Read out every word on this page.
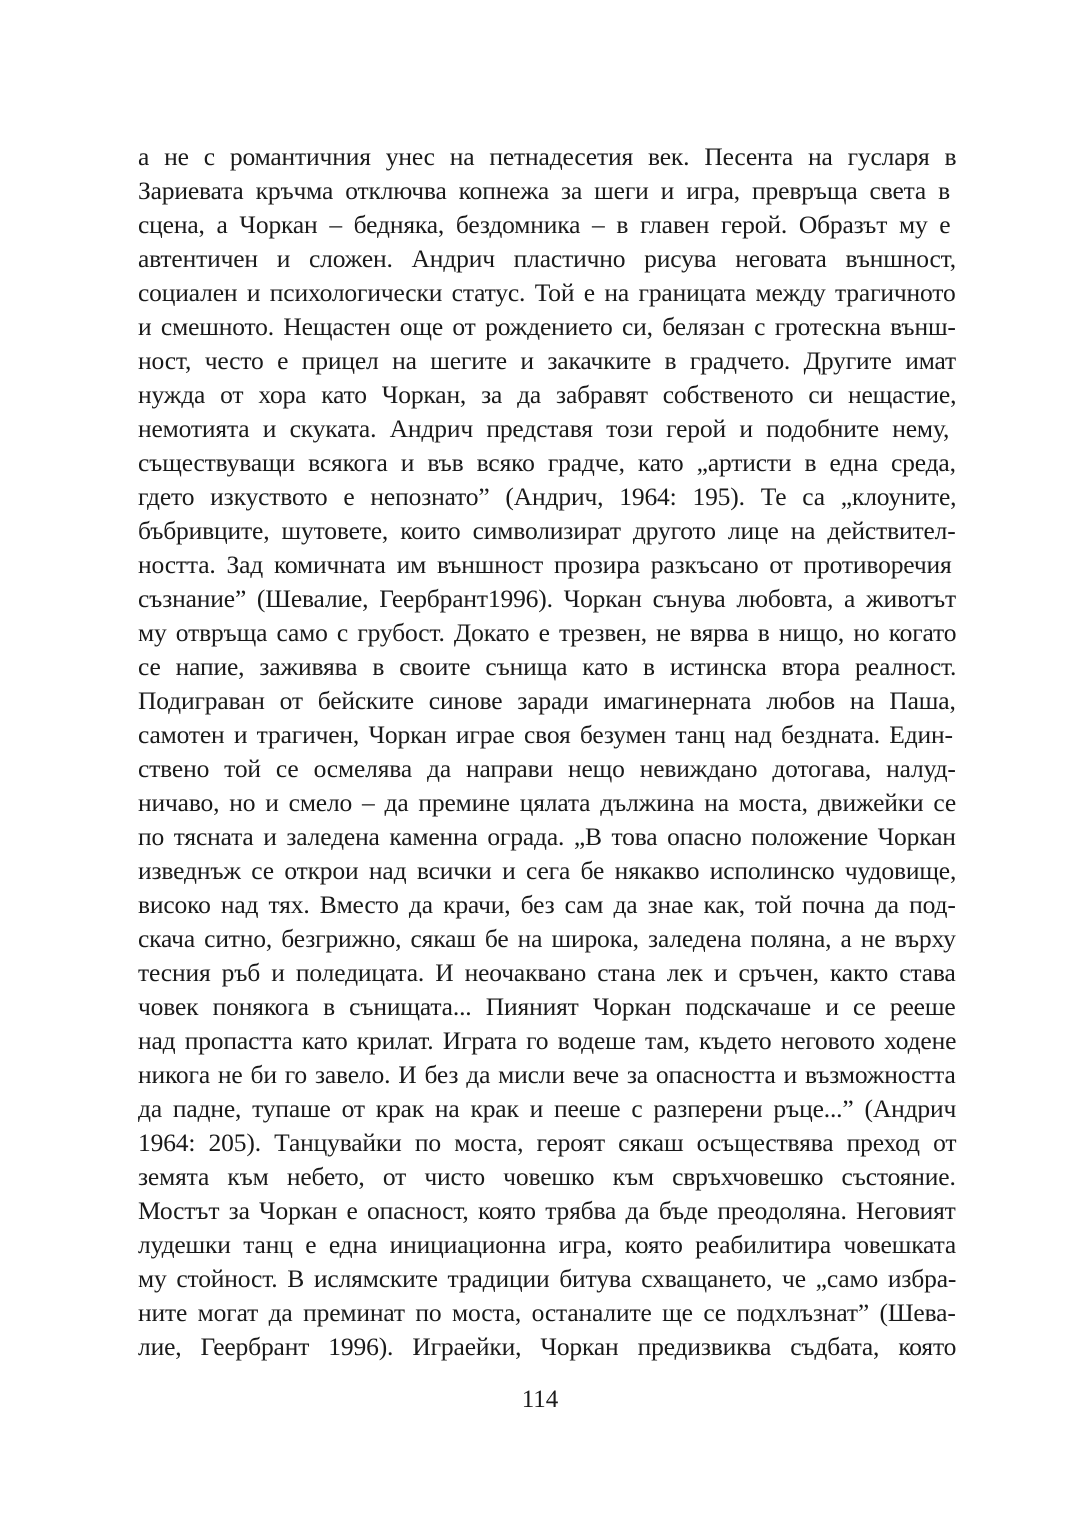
а не с романтичния унес на петнадесетия век. Песента на гусларя в
Зариевата кръчма отключва копнежа за шеги и игра, превръща света в
сцена, а Чоркан – бедняка, бездомника – в главен герой. Образът му е
автентичен и сложен. Андрич пластично рисува неговата външност,
социален и психологически статус. Той е на границата между трагичното
и смешното. Нещастен още от рождението си, белязан с гротескна външ-
ност, често е прицел на шегите и закачките в градчето. Другите имат
нужда от хора като Чоркан, за да забравят собственото си нещастие,
немотията и скуката. Андрич представя този герой и подобните нему,
съществуващи всякога и във всяко градче, като „артисти в една среда,
гдето изкуството е непознато” (Андрич, 1964: 195). Те са „клоуните,
бъбривците, шутовете, които символизират другото лице на действител-
ността. Зад комичната им външност прозира разкъсано от противоречия
съзнание” (Шевалие, Геербрант1996). Чоркан сънува любовта, а животът
му отвръща само с грубост. Докато е трезвен, не вярва в нищо, но когато
се напие, заживява в своите сънища като в истинска втора реалност.
Подиграван от бейските синове заради имагинерната любов на Паша,
самотен и трагичен, Чоркан играе своя безумен танц над бездната. Един-
ствено той се осмелява да направи нещо невиждано дотогава, налуд-
ничаво, но и смело – да премине цялата дължина на моста, движейки се
по тясната и заледена каменна ограда. „В това опасно положение Чоркан
изведнъж се открои над всички и сега бе някакво исполинско чудовище,
високо над тях. Вместо да крачи, без сам да знае как, той почна да под-
скача ситно, безгрижно, сякаш бе на широка, заледена поляна, а не върху
тесния ръб и поледицата. И неочаквано стана лек и сръчен, както става
човек понякога в сънищата... Пияният Чоркан подскачаше и се рееше
над пропастта като крилат. Играта го водеше там, където неговото ходене
никога не би го завело. И без да мисли вече за опасността и възможността
да падне, тупаше от крак на крак и пееше с разперени ръце...” (Андрич
1964: 205). Танцувайки по моста, героят сякаш осъществява преход от
земята към небето, от чисто човешко към свръхчовешко състояние.
Мостът за Чоркан е опасност, която трябва да бъде преодоляна. Неговият
лудешки танц е една инициационна игра, която реабилитира човешката
му стойност. В ислямските традиции битува схващането, че „само избра-
ните могат да преминат по моста, останалите ще се подхлъзнат” (Шева-
лие, Геербрант 1996). Играейки, Чоркан предизвиква съдбата, която
114
